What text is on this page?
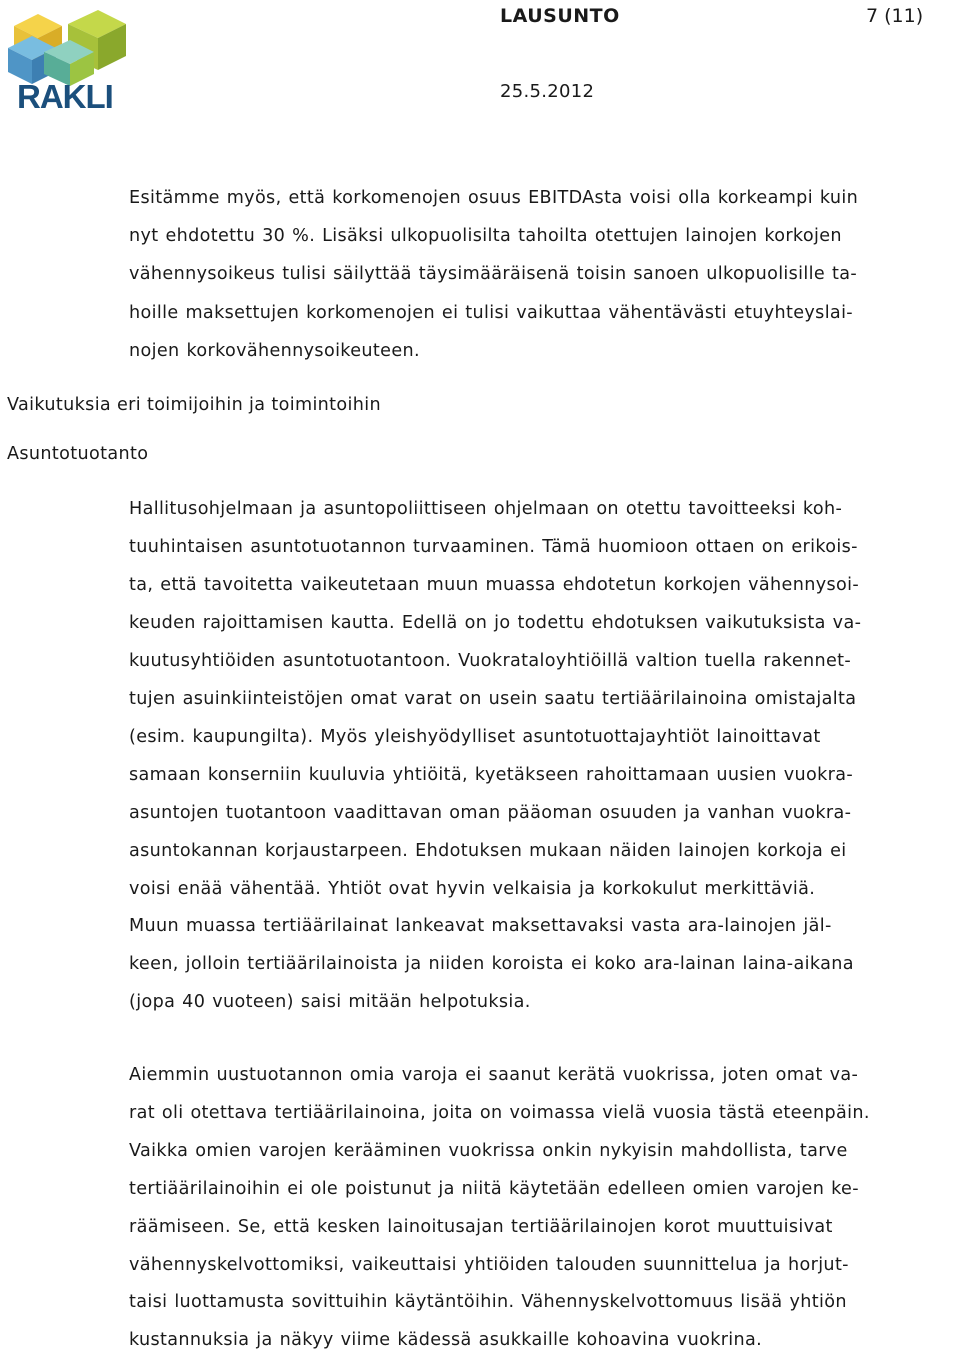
RAKLI
LAUSUNTO	7 (11)
25.5.2012
Esitämme myös, että korkomenojen osuus EBITDAsta voisi olla korkeampi kuin
nyt ehdotettu 30 %. Lisäksi ulkopuolisilta tahoilta otettujen lainojen korkojen
vähennysoikeus tulisi säilyttää täysimääräisenä toisin sanoen ulkopuolisille ta-
hoille maksettujen korkomenojen ei tulisi vaikuttaa vähentävästi etuyhteyslai-
nojen korkovähennysoikeuteen.
Vaikutuksia eri toimijoihin ja toimintoihin
Asuntotuotanto
Hallitusohjelmaan ja asuntopoliittiseen ohjelmaan on otettu tavoitteeksi koh-
tuuhintaisen asuntotuotannon turvaaminen. Tämä huomioon ottaen on erikois-
ta, että tavoitetta vaikeutetaan muun muassa ehdotetun korkojen vähennysoi-
keuden rajoittamisen kautta. Edellä on jo todettu ehdotuksen vaikutuksista va-
kuutusyhtiöiden asuntotuotantoon. Vuokrataloyhtiöillä valtion tuella rakennet-
tujen asuinkiinteistöjen omat varat on usein saatu tertiäärilainoina omistajalta
(esim. kaupungilta). Myös yleishyödylliset asuntotuottajayhtiöt lainoittavat
samaan konserniin kuuluvia yhtiöitä, kyetäkseen rahoittamaan uusien vuokra-
asuntojen tuotantoon vaadittavan oman pääoman osuuden ja vanhan vuokra-
asuntokannan korjaustarpeen. Ehdotuksen mukaan näiden lainojen korkoja ei
voisi enää vähentää. Yhtiöt ovat hyvin velkaisia ja korkokulut merkittäviä.
Muun muassa tertiäärilainat lankeavat maksettavaksi vasta ara-lainojen jäl-
keen, jolloin tertiäärilainoista ja niiden koroista ei koko ara-lainan laina-aikana
(jopa 40 vuoteen) saisi mitään helpotuksia.
Aiemmin uustuotannon omia varoja ei saanut kerätä vuokrissa, joten omat va-
rat oli otettava tertiäärilainoina, joita on voimassa vielä vuosia tästä eteenpäin.
Vaikka omien varojen kerääminen vuokrissa onkin nykyisin mahdollista, tarve
tertiäärilainoihin ei ole poistunut ja niitä käytetään edelleen omien varojen ke-
räämiseen. Se, että kesken lainoitusajan tertiäärilainojen korot muuttuisivat
vähennyskelvottomiksi, vaikeuttaisi yhtiöiden talouden suunnittelua ja horjut-
taisi luottamusta sovittuihin käytäntöihin. Vähennyskelvottomuus lisää yhtiön
kustannuksia ja näkyy viime kädessä asukkaille kohoavina vuokrina.
